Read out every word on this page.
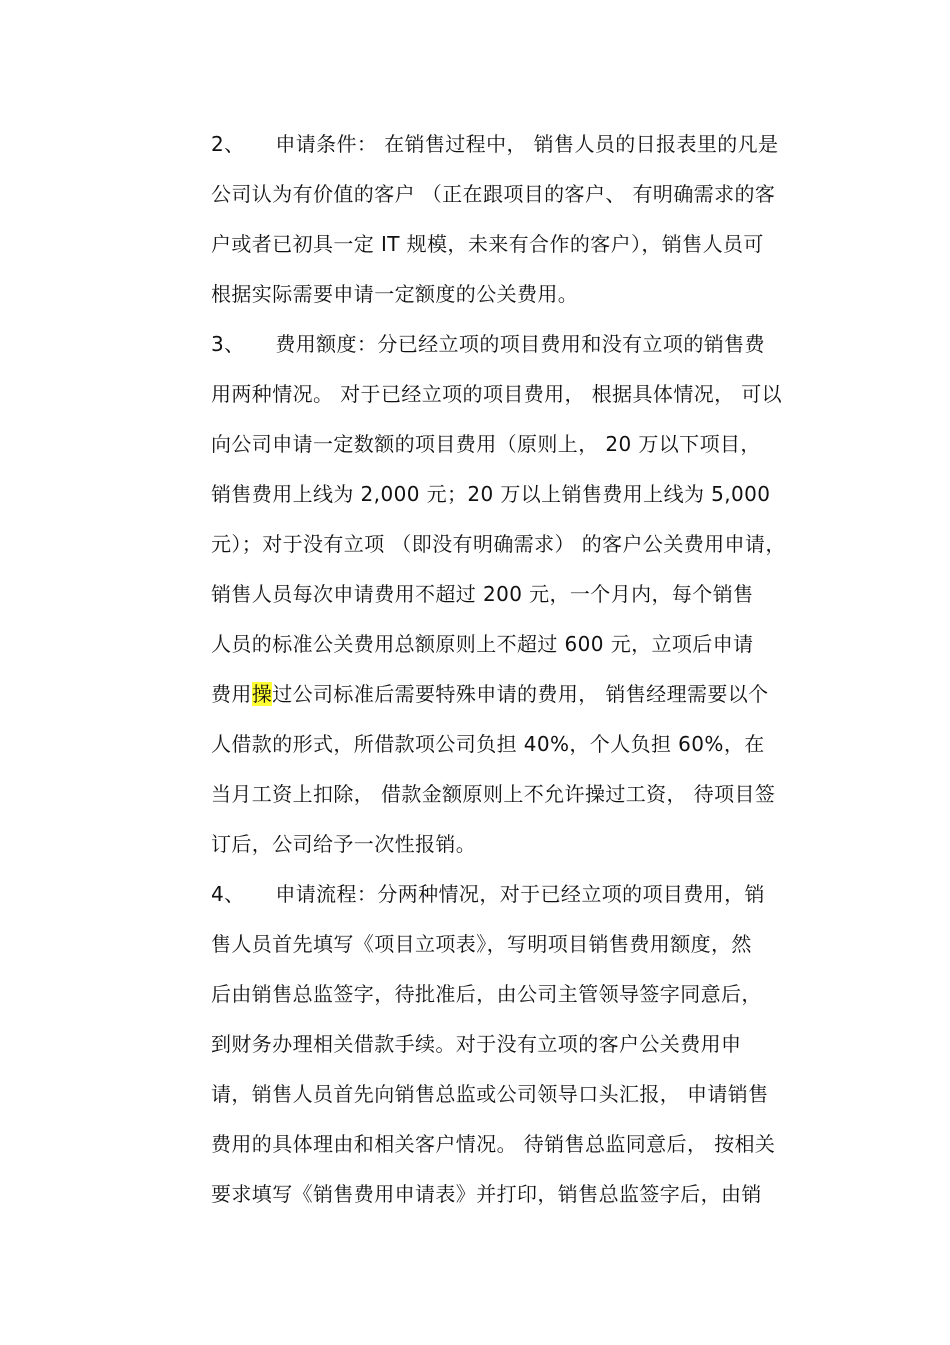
2、　　申请条件： 在销售过程中， 销售人员的日报表里的凡是
公司认为有价值的客户 （正在跟项目的客户、 有明确需求的客
户或者已初具一定 IT 规模，未来有合作的客户），销售人员可
根据实际需要申请一定额度的公关费用。
3、　　费用额度：分已经立项的项目费用和没有立项的销售费
用两种情况。 对于已经立项的项目费用， 根据具体情况， 可以
向公司申请一定数额的项目费用（原则上， 20 万以下项目，
销售费用上线为 2,000 元；20 万以上销售费用上线为 5,000
元）；对于没有立项 （即没有明确需求） 的客户公关费用申请，
销售人员每次申请费用不超过 200 元，一个月内，每个销售
人员的标准公关费用总额原则上不超过 600 元，立项后申请
费用操过公司标准后需要特殊申请的费用， 销售经理需要以个
人借款的形式，所借款项公司负担 40%，个人负担 60%，在
当月工资上扣除， 借款金额原则上不允许操过工资， 待项目签
订后，公司给予一次性报销。
4、　　申请流程：分两种情况，对于已经立项的项目费用，销
售人员首先填写《项目立项表》，写明项目销售费用额度，然
后由销售总监签字，待批准后，由公司主管领导签字同意后，
到财务办理相关借款手续。对于没有立项的客户公关费用申
请，销售人员首先向销售总监或公司领导口头汇报， 申请销售
费用的具体理由和相关客户情况。 待销售总监同意后， 按相关
要求填写《销售费用申请表》并打印，销售总监签字后，由销
